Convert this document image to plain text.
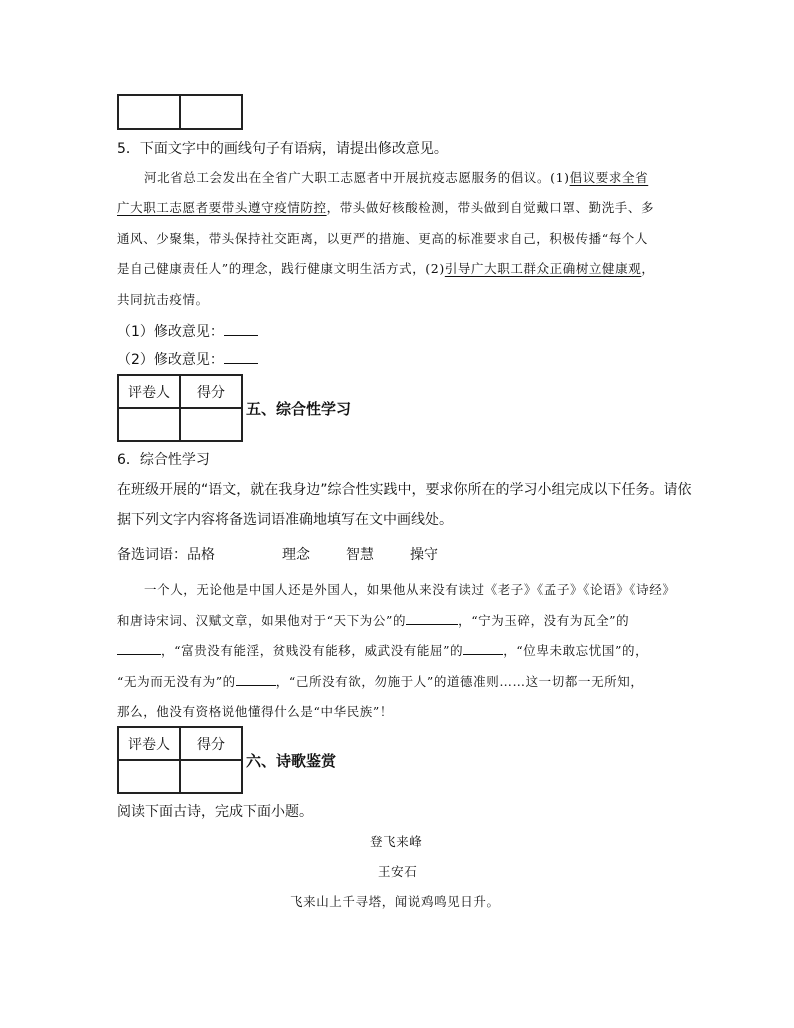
5．下面文字中的画线句子有语病，请提出修改意见。
河北省总工会发出在全省广大职工志愿者中开展抗疫志愿服务的倡议。(1)倡议要求全省
广大职工志愿者要带头遵守疫情防控，带头做好核酸检测，带头做到自觉戴口罩、勤洗手、多
通风、少聚集，带头保持社交距离，以更严的措施、更高的标准要求自己，积极传播“每个人
是自己健康责任人”的理念，践行健康文明生活方式，(2)引导广大职工群众正确树立健康观，
共同抗击疫情。
（1）修改意见：
（2）修改意见：
评卷人	得分

五、综合性学习
6．综合性学习
在班级开展的“语文，就在我身边”综合性实践中，要求你所在的学习小组完成以下任务。请依
据下列文字内容将备选词语准确地填写在文中画线处。
备选词语：品格	理念	智慧	操守
一个人，无论他是中国人还是外国人，如果他从来没有读过《老子》《孟子》《论语》《诗经》
和唐诗宋词、汉赋文章，如果他对于“天下为公”的	，“宁为玉碎，没有为瓦全”的
，“富贵没有能淫，贫贱没有能移，威武没有能屈”的	，“位卑未敢忘忧国”的，
“无为而无没有为”的	，“己所没有欲，勿施于人”的道德准则……这一切都一无所知，
那么，他没有资格说他懂得什么是“中华民族”！
评卷人	得分

六、诗歌鉴赏
阅读下面古诗，完成下面小题。
登飞来峰
王安石
飞来山上千寻塔，闻说鸡鸣见日升。
